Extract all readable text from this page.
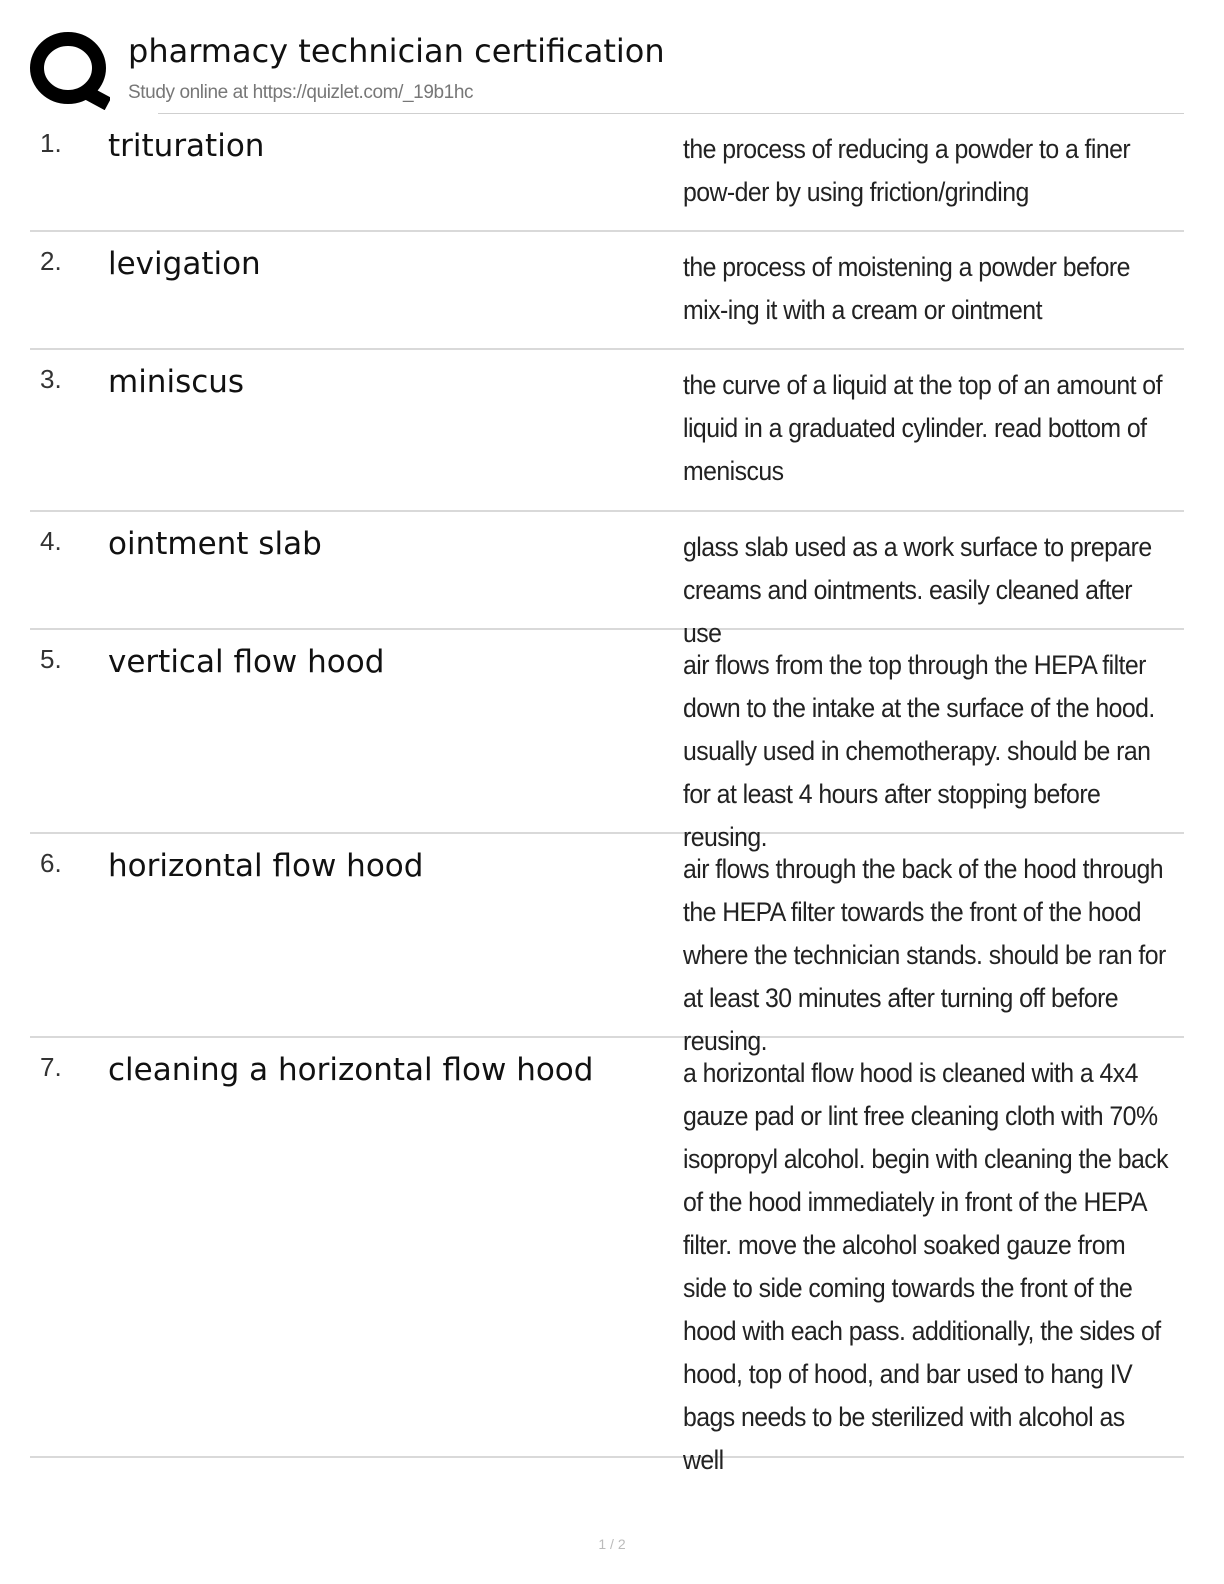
pharmacy technician certification
Study online at https://quizlet.com/_19b1hc
1.	trituration	the process of reducing a powder to a finer pow-der by using friction/grinding
2.	levigation	the process of moistening a powder before mix-ing it with a cream or ointment
3.	miniscus	the curve of a liquid at the top of an amount of liquid in a graduated cylinder. read bottom of meniscus
4.	ointment slab	glass slab used as a work surface to prepare creams and ointments. easily cleaned after use
5.	vertical flow hood	air flows from the top through the HEPA filter down to the intake at the surface of the hood. usually used in chemotherapy. should be ran for at least 4 hours after stopping before reusing.
6.	horizontal flow hood	air flows through the back of the hood through the HEPA filter towards the front of the hood where the technician stands. should be ran for at least 30 minutes after turning off before reusing.
7.	cleaning a horizontal flow hood	a horizontal flow hood is cleaned with a 4x4 gauze pad or lint free cleaning cloth with 70% isopropyl alcohol. begin with cleaning the back of the hood immediately in front of the HEPA filter. move the alcohol soaked gauze from side to side coming towards the front of the hood with each pass. additionally, the sides of hood, top of hood, and bar used to hang IV bags needs to be sterilized with alcohol as well
1 / 2
